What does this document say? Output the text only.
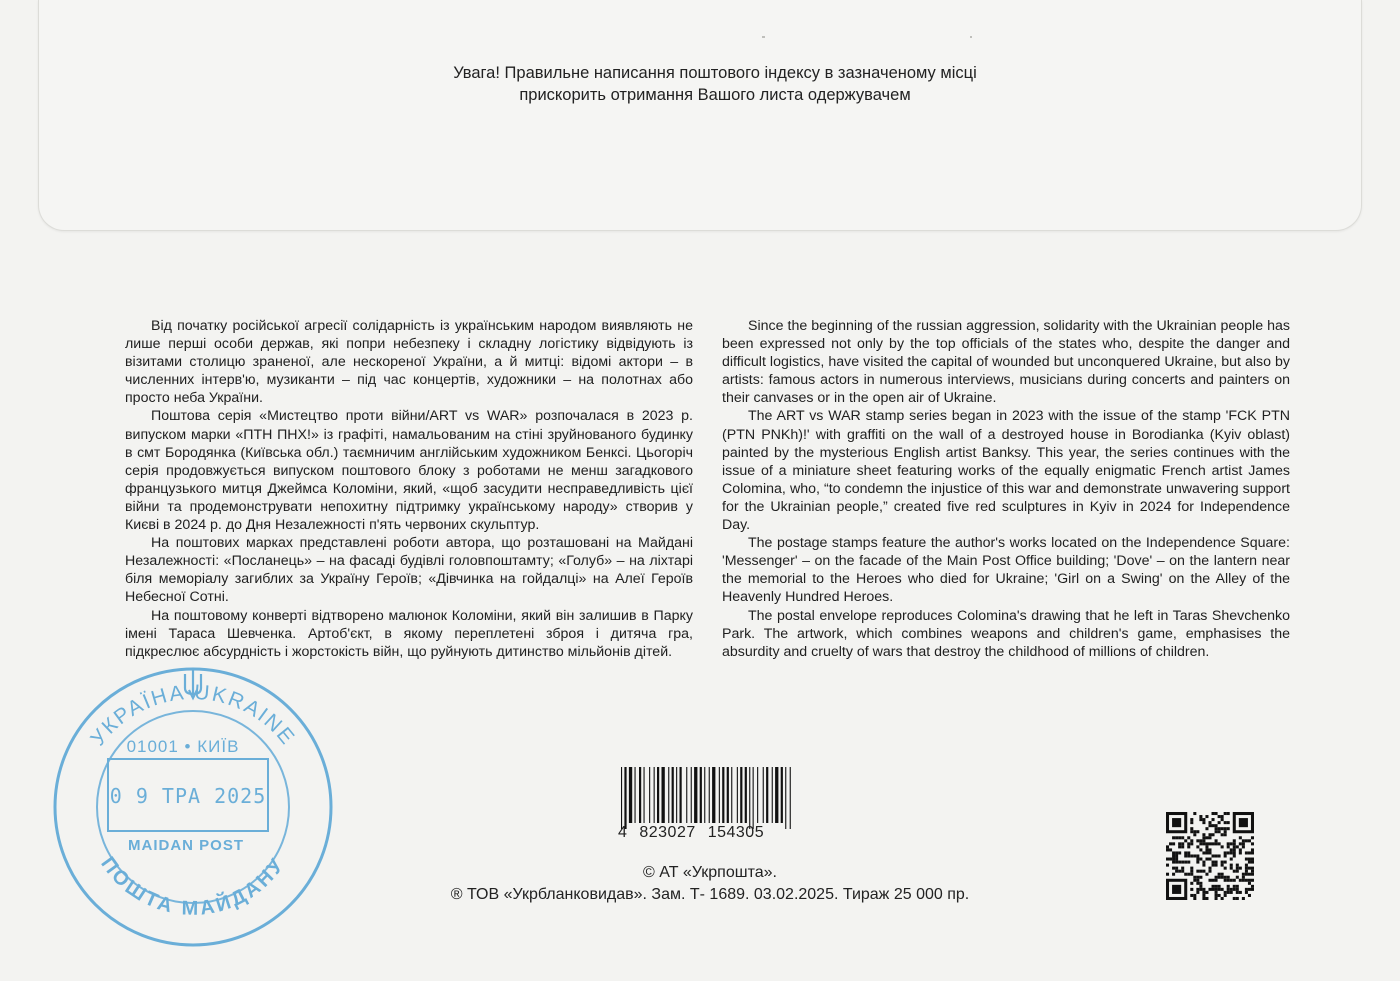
Увага! Правильне написання поштового індексу в зазначеному місці
прискорить отримання Вашого листа одержувачем

Від початку російської агресії солідарність із українським народом виявляють не лише перші особи держав, які попри небезпеку і складну логістику відвідують із візитами столицю зраненої, але нескореної України, а й митці: відомі актори – в численних інтерв'ю, музиканти – під час концертів, художники – на полотнах або просто неба України.

Поштова серія «Мистецтво проти війни/ART vs WAR» розпочалася в 2023 р. випуском марки «ПТН ПНХ!» із графіті, намальованим на стіні зруйнованого будинку в смт Бородянка (Київська обл.) таємничим англійським художником Бенксі. Цьогоріч серія продовжується випуском поштового блоку з роботами не менш загадкового французького митця Джеймса Коломіни, який, «щоб засудити несправедливість цієї війни та продемонструвати непохитну підтримку українському народу» створив у Києві в 2024 р. до Дня Незалежності п'ять червоних скульптур.

На поштових марках представлені роботи автора, що розташовані на Майдані Незалежності: «Посланець» – на фасаді будівлі головпоштамту; «Голуб» – на ліхтарі біля меморіалу загиблих за Україну Героїв; «Дівчинка на гойдалці» на Алеї Героїв Небесної Сотні.

На поштовому конверті відтворено малюнок Коломіни, який він залишив в Парку імені Тараса Шевченка. Артоб'єкт, в якому переплетені зброя і дитяча гра, підкреслює абсурдність і жорстокість війн, що руйнують дитинство мільйонів дітей.

Since the beginning of the russian aggression, solidarity with the Ukrainian people has been expressed not only by the top officials of the states who, despite the danger and difficult logistics, have visited the capital of wounded but unconquered Ukraine, but also by artists: famous actors in numerous interviews, musicians during concerts and painters on their canvases or in the open air of Ukraine.

The ART vs WAR stamp series began in 2023 with the issue of the stamp 'FCK PTN (PTN PNKh)!' with graffiti on the wall of a destroyed house in Borodianka (Kyiv oblast) painted by the mysterious English artist Banksy. This year, the series continues with the issue of a miniature sheet featuring works of the equally enigmatic French artist James Colomina, who, “to condemn the injustice of this war and demonstrate unwavering support for the Ukrainian people,” created five red sculptures in Kyiv in 2024 for Independence Day.

The postage stamps feature the author's works located on the Independence Square: 'Messenger' – on the facade of the Main Post Office building; 'Dove' – on the lantern near the memorial to the Heroes who died for Ukraine; 'Girl on a Swing' on the Alley of the Heavenly Hundred Heroes.

The postal envelope reproduces Colomina's drawing that he left in Taras Shevchenko Park. The artwork, which combines weapons and children's game, emphasises the absurdity and cruelty of wars that destroy the childhood of millions of children.

УКРАЇНА UKRAINE
ПОШТА МАЙДАНУ
01001 • КИЇВ
0 9 ТРА 2025
MAIDAN POST
4 823027 154305
© АТ «Укрпошта».
® ТОВ «Укрбланковидав». Зам. Т- 1689. 03.02.2025. Тираж 25 000 пр.
